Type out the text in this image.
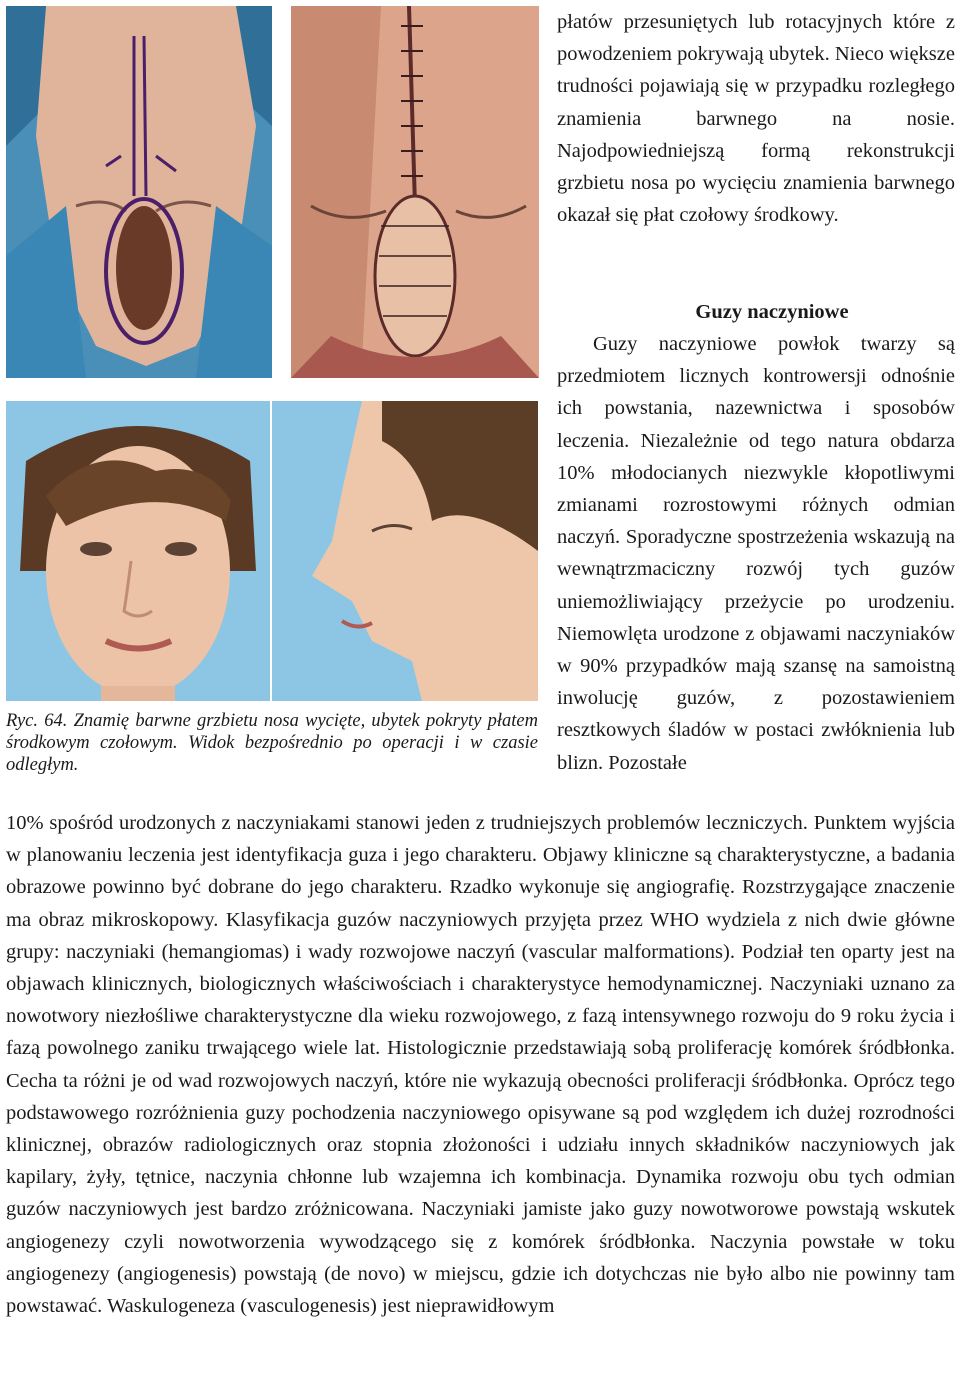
Ryc. 64. Znamię barwne grzbietu nosa wycięte, ubytek pokryty płatem środkowym czołowym. Widok bezpośrednio po operacji i w czasie odległym.
płatów przesuniętych lub rotacyjnych które z powodzeniem pokrywają ubytek. Nieco większe trudności pojawiają się w przypadku rozległego znamienia barwnego na nosie. Najodpowiedniejszą formą rekonstrukcji grzbietu nosa po wycięciu znamienia barwnego okazał się płat czołowy środkowy.
Guzy naczyniowe
Guzy naczyniowe powłok twarzy są przedmiotem licznych kontrowersji odnośnie ich powstania, nazewnictwa i sposobów leczenia. Niezależnie od tego natura obdarza 10% młodocianych niezwykle kłopotliwymi zmianami rozrostowymi różnych odmian naczyń. Sporadyczne spostrzeżenia wskazują na wewnątrzmaciczny rozwój tych guzów uniemożliwiający przeżycie po urodzeniu. Niemowlęta urodzone z objawami naczyniaków w 90% przypadków mają szansę na samoistną inwolucję guzów, z pozostawieniem resztkowych śladów w postaci zwłóknienia lub blizn. Pozostałe
10% spośród urodzonych z naczyniakami stanowi jeden z trudniejszych problemów leczniczych. Punktem wyjścia w planowaniu leczenia jest identyfikacja guza i jego charakteru. Objawy kliniczne są charakterystyczne, a badania obrazowe powinno być dobrane do jego charakteru. Rzadko wykonuje się angiografię. Rozstrzygające znaczenie ma obraz mikroskopowy. Klasyfikacja guzów naczyniowych przyjęta przez WHO wydziela z nich dwie główne grupy: naczyniaki (hemangiomas) i wady rozwojowe naczyń (vascular malformations). Podział ten oparty jest na objawach klinicznych, biologicznych właściwościach i charakterystyce hemodynamicznej. Naczyniaki uznano za nowotwory niezłośliwe charakterystyczne dla wieku rozwojowego, z fazą intensywnego rozwoju do 9 roku życia i fazą powolnego zaniku trwającego wiele lat. Histologicznie przedstawiają sobą proliferację komórek śródbłonka. Cecha ta różni je od wad rozwojowych naczyń, które nie wykazują obecności proliferacji śródbłonka. Oprócz tego podstawowego rozróżnienia guzy pochodzenia naczyniowego opisywane są pod względem ich dużej rozrodności klinicznej, obrazów radiologicznych oraz stopnia złożoności i udziału innych składników naczyniowych jak kapilary, żyły, tętnice, naczynia chłonne lub wzajemna ich kombinacja. Dynamika rozwoju obu tych odmian guzów naczyniowych jest bardzo zróżnicowana. Naczyniaki jamiste jako guzy nowotworowe powstają wskutek angiogenezy czyli nowotworzenia wywodzącego się z komórek śródbłonka. Naczynia powstałe w toku angiogenezy (angiogenesis) powstają (de novo) w miejscu, gdzie ich dotychczas nie było albo nie powinny tam powstawać. Waskulogeneza (vasculogenesis) jest nieprawidłowym
